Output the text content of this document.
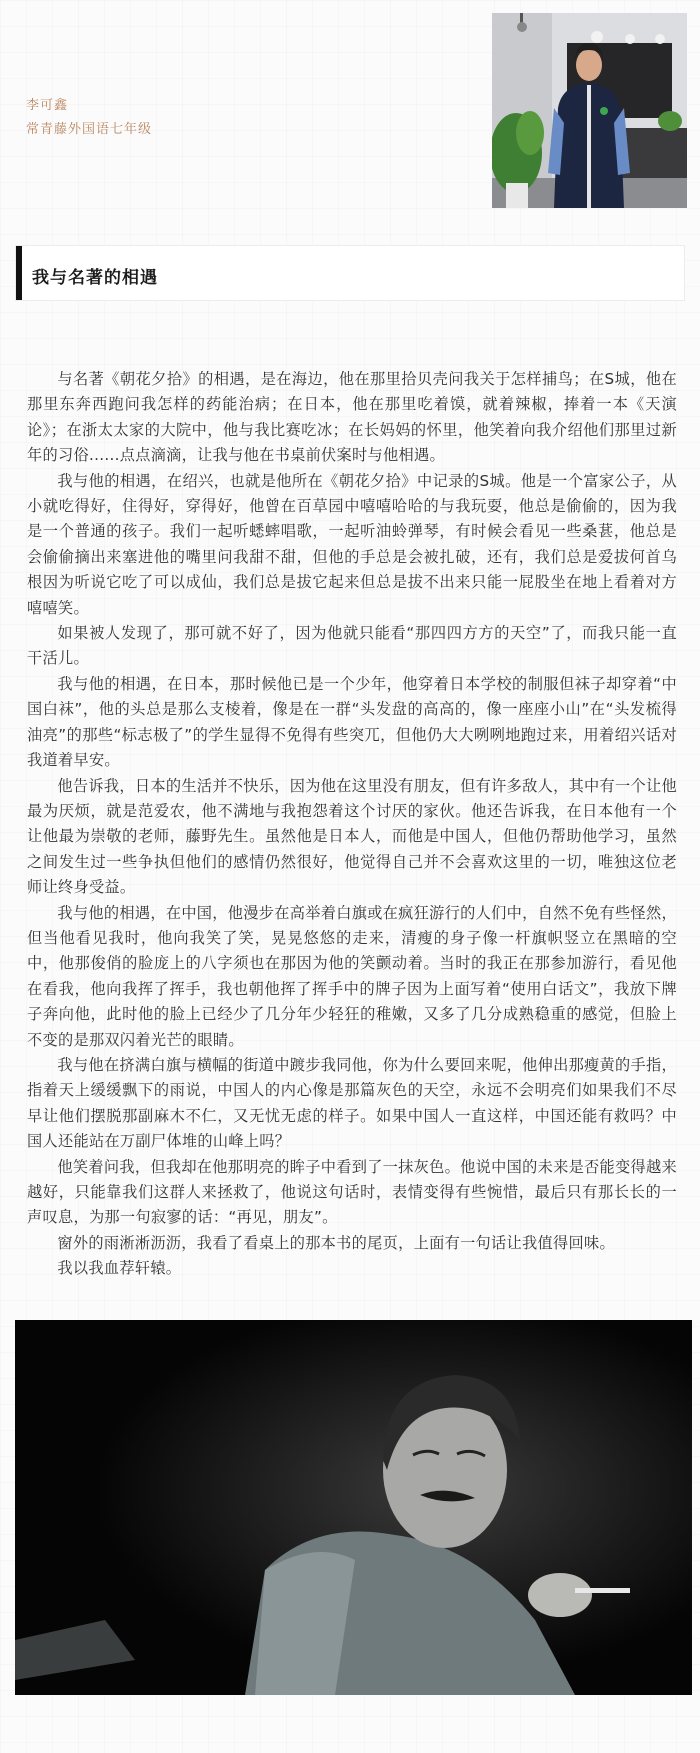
李可鑫
常青藤外国语七年级
我与名著的相遇

与名著《朝花夕拾》的相遇，是在海边，他在那里拾贝壳问我关于怎样捕鸟；在S城，他在那里东奔西跑问我怎样的药能治病；在日本，他在那里吃着馍，就着辣椒，捧着一本《天演论》；在浙太太家的大院中，他与我比赛吃冰；在长妈妈的怀里，他笑着向我介绍他们那里过新年的习俗......点点滴滴，让我与他在书桌前伏案时与他相遇。

我与他的相遇，在绍兴，也就是他所在《朝花夕拾》中记录的S城。他是一个富家公子，从小就吃得好，住得好，穿得好，他曾在百草园中嘻嘻哈哈的与我玩耍，他总是偷偷的，因为我是一个普通的孩子。我们一起听蟋蟀唱歌，一起听油蛉弹琴，有时候会看见一些桑葚，他总是会偷偷摘出来塞进他的嘴里问我甜不甜，但他的手总是会被扎破，还有，我们总是爱拔何首乌根因为听说它吃了可以成仙，我们总是拔它起来但总是拔不出来只能一屁股坐在地上看着对方嘻嘻笑。

如果被人发现了，那可就不好了，因为他就只能看“那四四方方的天空”了，而我只能一直干活儿。

我与他的相遇，在日本，那时候他已是一个少年，他穿着日本学校的制服但袜子却穿着“中国白袜”，他的头总是那么支棱着，像是在一群“头发盘的高高的，像一座座小山”在“头发梳得油亮”的那些“标志极了”的学生显得不免得有些突兀，但他仍大大咧咧地跑过来，用着绍兴话对我道着早安。

他告诉我，日本的生活并不快乐，因为他在这里没有朋友，但有许多敌人，其中有一个让他最为厌烦，就是范爱农，他不满地与我抱怨着这个讨厌的家伙。他还告诉我，在日本他有一个让他最为崇敬的老师，藤野先生。虽然他是日本人，而他是中国人，但他仍帮助他学习，虽然之间发生过一些争执但他们的感情仍然很好，他觉得自己并不会喜欢这里的一切，唯独这位老师让终身受益。

我与他的相遇，在中国，他漫步在高举着白旗或在疯狂游行的人们中，自然不免有些怪然，但当他看见我时，他向我笑了笑，晃晃悠悠的走来，清瘦的身子像一杆旗帜竖立在黑暗的空中，他那俊俏的脸庞上的八字须也在那因为他的笑颤动着。当时的我正在那参加游行，看见他在看我，他向我挥了挥手，我也朝他挥了挥手中的牌子因为上面写着“使用白话文”，我放下牌子奔向他，此时他的脸上已经少了几分年少轻狂的稚嫩，又多了几分成熟稳重的感觉，但脸上不变的是那双闪着光芒的眼睛。

我与他在挤满白旗与横幅的街道中踱步我同他，你为什么要回来呢，他伸出那瘦黄的手指，指着天上缓缓飘下的雨说，中国人的内心像是那篇灰色的天空，永远不会明亮们如果我们不尽早让他们摆脱那副麻木不仁，又无忧无虑的样子。如果中国人一直这样，中国还能有救吗？中国人还能站在万副尸体堆的山峰上吗？

他笑着问我，但我却在他那明亮的眸子中看到了一抹灰色。他说中国的未来是否能变得越来越好，只能靠我们这群人来拯救了，他说这句话时，表情变得有些惋惜，最后只有那长长的一声叹息，为那一句寂寥的话：“再见，朋友”。

窗外的雨淅淅沥沥，我看了看桌上的那本书的尾页，上面有一句话让我值得回味。

我以我血荐轩辕。
